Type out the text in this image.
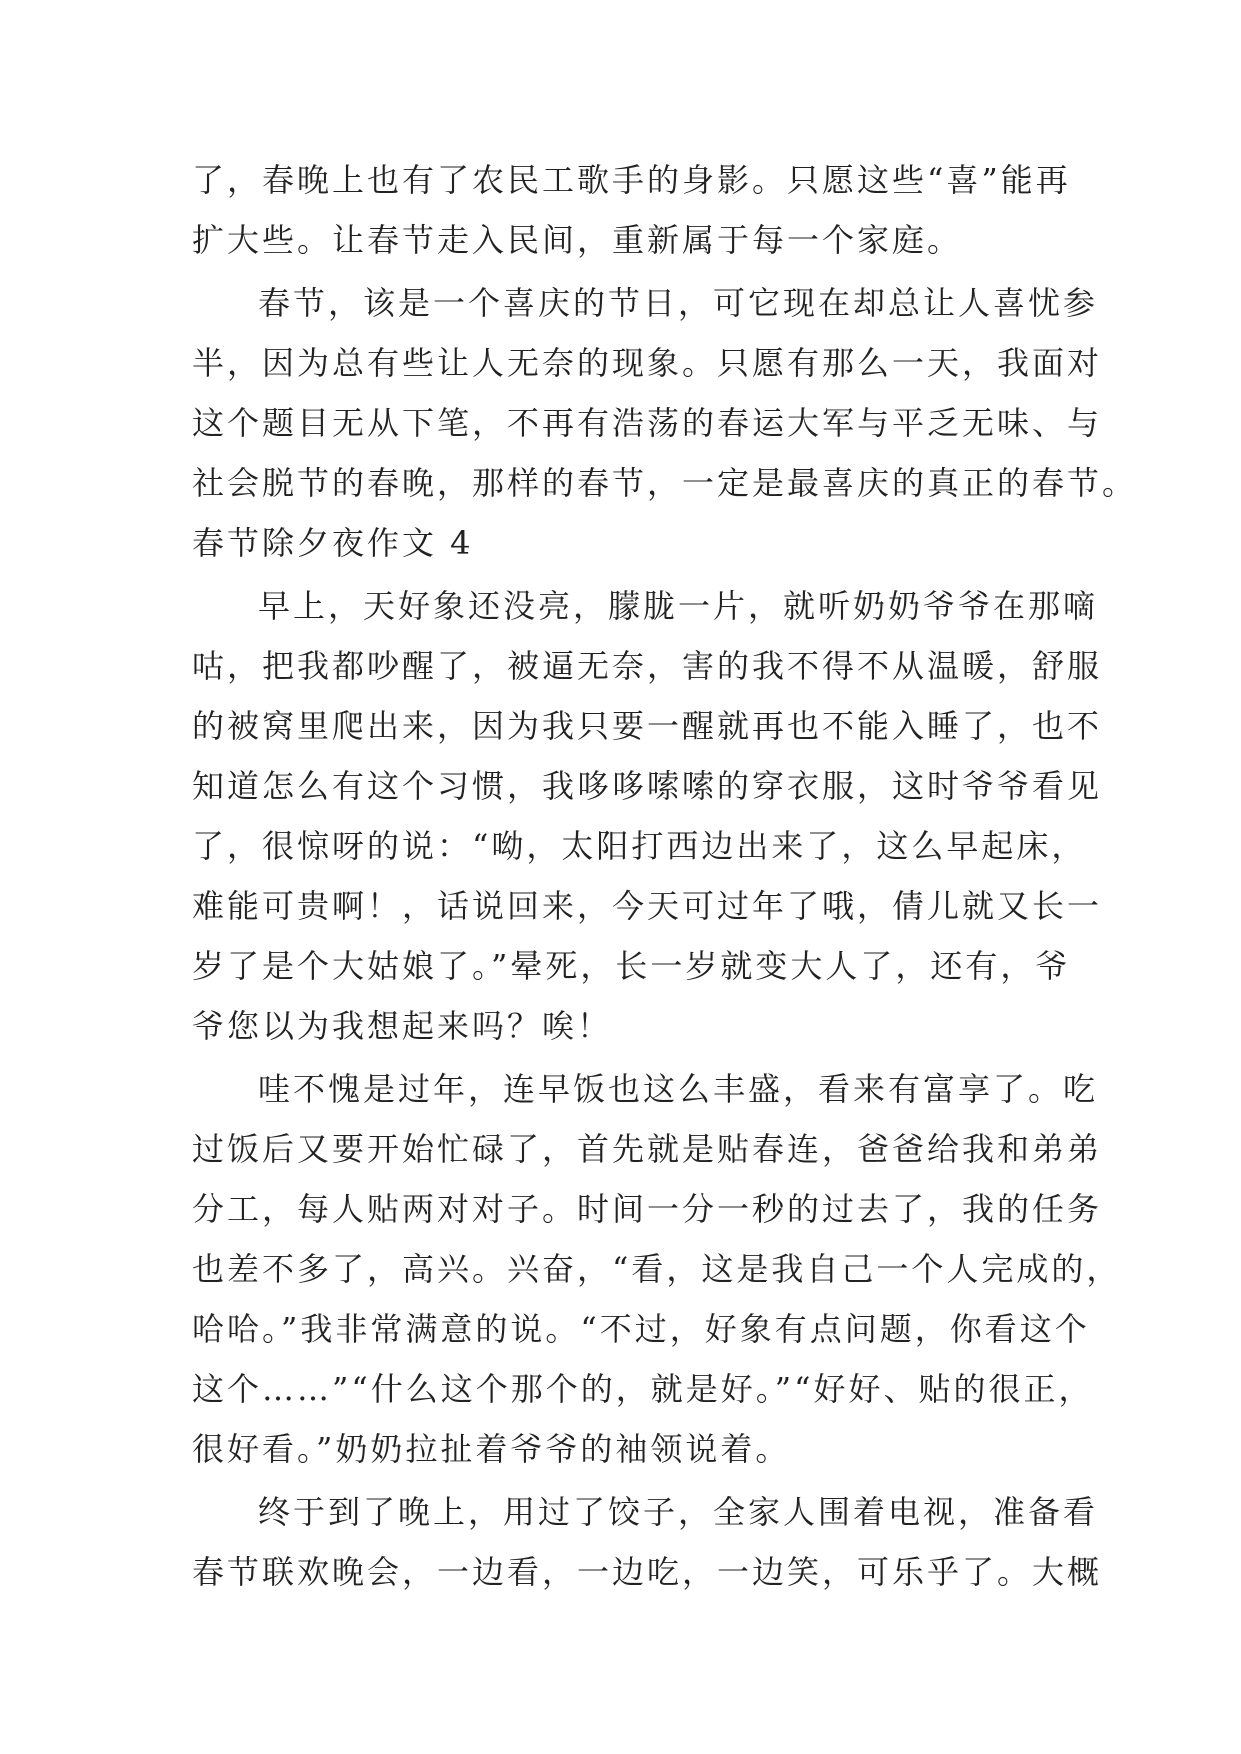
了，春晚上也有了农民工歌手的身影。只愿这些“喜”能再
扩大些。让春节走入民间，重新属于每一个家庭。
春节，该是一个喜庆的节日，可它现在却总让人喜忧参
半，因为总有些让人无奈的现象。只愿有那么一天，我面对
这个题目无从下笔，不再有浩荡的春运大军与平乏无味、与
社会脱节的春晚，那样的春节，一定是最喜庆的真正的春节。
春节除夕夜作文 4
早上，天好象还没亮，朦胧一片，就听奶奶爷爷在那嘀
咕，把我都吵醒了，被逼无奈，害的我不得不从温暖，舒服
的被窝里爬出来，因为我只要一醒就再也不能入睡了，也不
知道怎么有这个习惯，我哆哆嗦嗦的穿衣服，这时爷爷看见
了，很惊呀的说：“呦，太阳打西边出来了，这么早起床，
难能可贵啊！，话说回来，今天可过年了哦，倩儿就又长一
岁了是个大姑娘了。”晕死，长一岁就变大人了，还有，爷
爷您以为我想起来吗？唉！
哇不愧是过年，连早饭也这么丰盛，看来有富享了。吃
过饭后又要开始忙碌了，首先就是贴春连，爸爸给我和弟弟
分工，每人贴两对对子。时间一分一秒的过去了，我的任务
也差不多了，高兴。兴奋，“看，这是我自己一个人完成的，
哈哈。”我非常满意的说。“不过，好象有点问题，你看这个
这个……”“什么这个那个的，就是好。”“好好、贴的很正，
很好看。”奶奶拉扯着爷爷的袖领说着。
终于到了晚上，用过了饺子，全家人围着电视，准备看
春节联欢晚会，一边看，一边吃，一边笑，可乐乎了。大概
